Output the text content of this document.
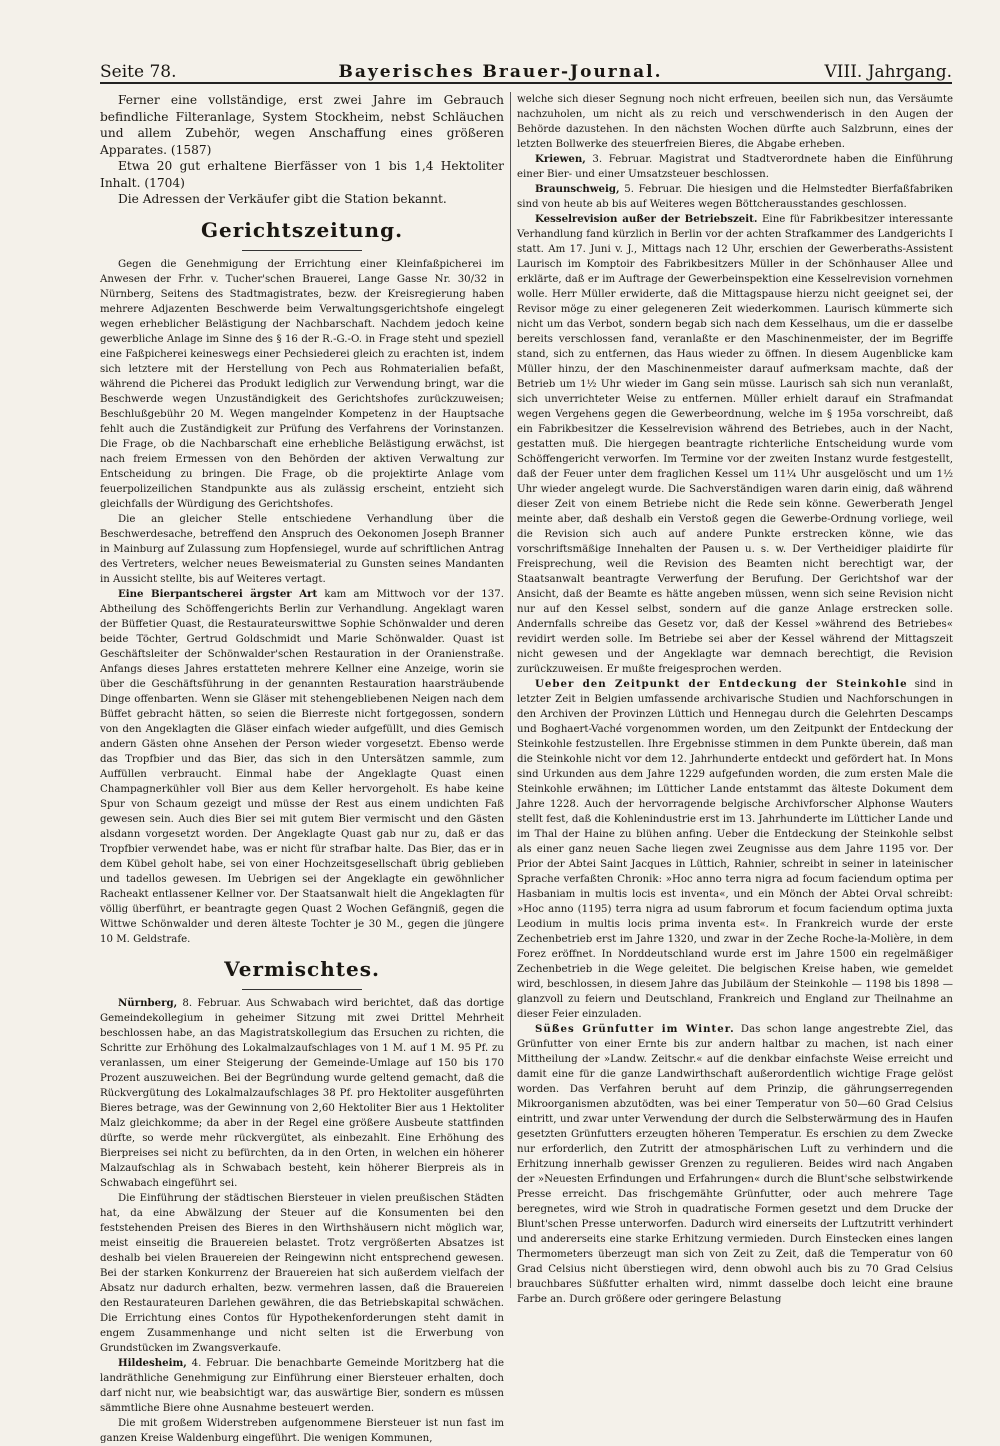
Seite 78.	Bayerisches Brauer-Journal.	VIII. Jahrgang.

Ferner eine vollständige, erst zwei Jahre im Gebrauch befindliche Filteranlage, System Stockheim, nebst Schläuchen und allem Zubehör, wegen Anschaffung eines größeren Apparates. (1587)

Etwa 20 gut erhaltene Bierfässer von 1 bis 1,4 Hektoliter Inhalt. (1704)

Die Adressen der Verkäufer gibt die Station bekannt.

Gerichtszeitung.

Gegen die Genehmigung der Errichtung einer Kleinfaßpicherei im Anwesen der Frhr. v. Tucher'schen Brauerei, Lange Gasse Nr. 30/32 in Nürnberg, Seitens des Stadtmagistrates, bezw. der Kreisregierung haben mehrere Adjazenten Beschwerde beim Verwaltungsgerichtshofe eingelegt wegen erheblicher Belästigung der Nachbarschaft. Nachdem jedoch keine gewerbliche Anlage im Sinne des § 16 der R.-G.-O. in Frage steht und speziell eine Faßpicherei keineswegs einer Pechsiederei gleich zu erachten ist, indem sich letztere mit der Herstellung von Pech aus Rohmaterialien befaßt, während die Picherei das Produkt lediglich zur Verwendung bringt, war die Beschwerde wegen Unzuständigkeit des Gerichtshofes zurückzuweisen; Beschlußgebühr 20 M. Wegen mangelnder Kompetenz in der Hauptsache fehlt auch die Zuständigkeit zur Prüfung des Verfahrens der Vorinstanzen. Die Frage, ob die Nachbarschaft eine erhebliche Belästigung erwächst, ist nach freiem Ermessen von den Behörden der aktiven Verwaltung zur Entscheidung zu bringen. Die Frage, ob die projektirte Anlage vom feuerpolizeilichen Standpunkte aus als zulässig erscheint, entzieht sich gleichfalls der Würdigung des Gerichtshofes.

Die an gleicher Stelle entschiedene Verhandlung über die Beschwerdesache, betreffend den Anspruch des Oekonomen Joseph Branner in Mainburg auf Zulassung zum Hopfensiegel, wurde auf schriftlichen Antrag des Vertreters, welcher neues Beweismaterial zu Gunsten seines Mandanten in Aussicht stellte, bis auf Weiteres vertagt.

Eine Bierpantscherei ärgster Art kam am Mittwoch vor der 137. Abtheilung des Schöffengerichts Berlin zur Verhandlung. Angeklagt waren der Büffetier Quast, die Restaurateurswittwe Sophie Schönwalder und deren beide Töchter, Gertrud Goldschmidt und Marie Schönwalder. Quast ist Geschäftsleiter der Schönwalder'schen Restauration in der Oranienstraße. Anfangs dieses Jahres erstatteten mehrere Kellner eine Anzeige, worin sie über die Geschäftsführung in der genannten Restauration haarsträubende Dinge offenbarten. Wenn sie Gläser mit stehengebliebenen Neigen nach dem Büffet gebracht hätten, so seien die Bierreste nicht fortgegossen, sondern von den Angeklagten die Gläser einfach wieder aufgefüllt, und dies Gemisch andern Gästen ohne Ansehen der Person wieder vorgesetzt. Ebenso werde das Tropfbier und das Bier, das sich in den Untersätzen sammle, zum Auffüllen verbraucht. Einmal habe der Angeklagte Quast einen Champagnerkühler voll Bier aus dem Keller hervorgeholt. Es habe keine Spur von Schaum gezeigt und müsse der Rest aus einem undichten Faß gewesen sein. Auch dies Bier sei mit gutem Bier vermischt und den Gästen alsdann vorgesetzt worden. Der Angeklagte Quast gab nur zu, daß er das Tropfbier verwendet habe, was er nicht für strafbar halte. Das Bier, das er in dem Kübel geholt habe, sei von einer Hochzeitsgesellschaft übrig geblieben und tadellos gewesen. Im Uebrigen sei der Angeklagte ein gewöhnlicher Racheakt entlassener Kellner vor. Der Staatsanwalt hielt die Angeklagten für völlig überführt, er beantragte gegen Quast 2 Wochen Gefängniß, gegen die Wittwe Schönwalder und deren älteste Tochter je 30 M., gegen die jüngere 10 M. Geldstrafe.

Vermischtes.

Nürnberg, 8. Februar. Aus Schwabach wird berichtet, daß das dortige Gemeindekollegium in geheimer Sitzung mit zwei Drittel Mehrheit beschlossen habe, an das Magistratskollegium das Ersuchen zu richten, die Schritte zur Erhöhung des Lokalmalzaufschlages von 1 M. auf 1 M. 95 Pf. zu veranlassen, um einer Steigerung der Gemeinde-Umlage auf 150 bis 170 Prozent auszuweichen. Bei der Begründung wurde geltend gemacht, daß die Rückvergütung des Lokalmalzaufschlages 38 Pf. pro Hektoliter ausgeführten Bieres betrage, was der Gewinnung von 2,60 Hektoliter Bier aus 1 Hektoliter Malz gleichkomme; da aber in der Regel eine größere Ausbeute stattfinden dürfte, so werde mehr rückvergütet, als einbezahlt. Eine Erhöhung des Bierpreises sei nicht zu befürchten, da in den Orten, in welchen ein höherer Malzaufschlag als in Schwabach besteht, kein höherer Bierpreis als in Schwabach eingeführt sei.

Die Einführung der städtischen Biersteuer in vielen preußischen Städten hat, da eine Abwälzung der Steuer auf die Konsumenten bei den feststehenden Preisen des Bieres in den Wirthshäusern nicht möglich war, meist einseitig die Brauereien belastet. Trotz vergrößerten Absatzes ist deshalb bei vielen Brauereien der Reingewinn nicht entsprechend gewesen. Bei der starken Konkurrenz der Brauereien hat sich außerdem vielfach der Absatz nur dadurch erhalten, bezw. vermehren lassen, daß die Brauereien den Restaurateuren Darlehen gewähren, die das Betriebskapital schwächen. Die Errichtung eines Contos für Hypothekenforderungen steht damit in engem Zusammenhange und nicht selten ist die Erwerbung von Grundstücken im Zwangsverkaufe.

Hildesheim, 4. Februar. Die benachbarte Gemeinde Moritzberg hat die landräthliche Genehmigung zur Einführung einer Biersteuer erhalten, doch darf nicht nur, wie beabsichtigt war, das auswärtige Bier, sondern es müssen sämmtliche Biere ohne Ausnahme besteuert werden.

Die mit großem Widerstreben aufgenommene Biersteuer ist nun fast im ganzen Kreise Waldenburg eingeführt. Die wenigen Kommunen,

welche sich dieser Segnung noch nicht erfreuen, beeilen sich nun, das Versäumte nachzuholen, um nicht als zu reich und verschwenderisch in den Augen der Behörde dazustehen. In den nächsten Wochen dürfte auch Salzbrunn, eines der letzten Bollwerke des steuerfreien Bieres, die Abgabe erheben.

Kriewen, 3. Februar. Magistrat und Stadtverordnete haben die Einführung einer Bier- und einer Umsatzsteuer beschlossen.

Braunschweig, 5. Februar. Die hiesigen und die Helmstedter Bierfaßfabriken sind von heute ab bis auf Weiteres wegen Böttcherausstandes geschlossen.

Kesselrevision außer der Betriebszeit. Eine für Fabrikbesitzer interessante Verhandlung fand kürzlich in Berlin vor der achten Strafkammer des Landgerichts I statt. Am 17. Juni v. J., Mittags nach 12 Uhr, erschien der Gewerberaths-Assistent Laurisch im Komptoir des Fabrikbesitzers Müller in der Schönhauser Allee und erklärte, daß er im Auftrage der Gewerbeinspektion eine Kesselrevision vornehmen wolle. Herr Müller erwiderte, daß die Mittagspause hierzu nicht geeignet sei, der Revisor möge zu einer gelegeneren Zeit wiederkommen. Laurisch kümmerte sich nicht um das Verbot, sondern begab sich nach dem Kesselhaus, um die er dasselbe bereits verschlossen fand, veranlaßte er den Maschinenmeister, der im Begriffe stand, sich zu entfernen, das Haus wieder zu öffnen. In diesem Augenblicke kam Müller hinzu, der den Maschinenmeister darauf aufmerksam machte, daß der Betrieb um 1½ Uhr wieder im Gang sein müsse. Laurisch sah sich nun veranlaßt, sich unverrichteter Weise zu entfernen. Müller erhielt darauf ein Strafmandat wegen Vergehens gegen die Gewerbeordnung, welche im § 195a vorschreibt, daß ein Fabrikbesitzer die Kesselrevision während des Betriebes, auch in der Nacht, gestatten muß. Die hiergegen beantragte richterliche Entscheidung wurde vom Schöffengericht verworfen. Im Termine vor der zweiten Instanz wurde festgestellt, daß der Feuer unter dem fraglichen Kessel um 11¼ Uhr ausgelöscht und um 1½ Uhr wieder angelegt wurde. Die Sachverständigen waren darin einig, daß während dieser Zeit von einem Betriebe nicht die Rede sein könne. Gewerberath Jengel meinte aber, daß deshalb ein Verstoß gegen die Gewerbe-Ordnung vorliege, weil die Revision sich auch auf andere Punkte erstrecken könne, wie das vorschriftsmäßige Innehalten der Pausen u. s. w. Der Vertheidiger plaidirte für Freisprechung, weil die Revision des Beamten nicht berechtigt war, der Staatsanwalt beantragte Verwerfung der Berufung. Der Gerichtshof war der Ansicht, daß der Beamte es hätte angeben müssen, wenn sich seine Revision nicht nur auf den Kessel selbst, sondern auf die ganze Anlage erstrecken solle. Andernfalls schreibe das Gesetz vor, daß der Kessel »während des Betriebes« revidirt werden solle. Im Betriebe sei aber der Kessel während der Mittagszeit nicht gewesen und der Angeklagte war demnach berechtigt, die Revision zurückzuweisen. Er mußte freigesprochen werden.

Ueber den Zeitpunkt der Entdeckung der Steinkohle sind in letzter Zeit in Belgien umfassende archivarische Studien und Nachforschungen in den Archiven der Provinzen Lüttich und Hennegau durch die Gelehrten Descamps und Boghaert-Vaché vorgenommen worden, um den Zeitpunkt der Entdeckung der Steinkohle festzustellen. Ihre Ergebnisse stimmen in dem Punkte überein, daß man die Steinkohle nicht vor dem 12. Jahrhunderte entdeckt und gefördert hat. In Mons sind Urkunden aus dem Jahre 1229 aufgefunden worden, die zum ersten Male die Steinkohle erwähnen; im Lütticher Lande entstammt das älteste Dokument dem Jahre 1228. Auch der hervorragende belgische Archivforscher Alphonse Wauters stellt fest, daß die Kohlenindustrie erst im 13. Jahrhunderte im Lütticher Lande und im Thal der Haine zu blühen anfing. Ueber die Entdeckung der Steinkohle selbst als einer ganz neuen Sache liegen zwei Zeugnisse aus dem Jahre 1195 vor. Der Prior der Abtei Saint Jacques in Lüttich, Rahnier, schreibt in seiner in lateinischer Sprache verfaßten Chronik: »Hoc anno terra nigra ad focum faciendum optima per Hasbaniam in multis locis est inventa«, und ein Mönch der Abtei Orval schreibt: »Hoc anno (1195) terra nigra ad usum fabrorum et focum faciendum optima juxta Leodium in multis locis prima inventa est«. In Frankreich wurde der erste Zechenbetrieb erst im Jahre 1320, und zwar in der Zeche Roche-la-Molière, in dem Forez eröffnet. In Norddeutschland wurde erst im Jahre 1500 ein regelmäßiger Zechenbetrieb in die Wege geleitet. Die belgischen Kreise haben, wie gemeldet wird, beschlossen, in diesem Jahre das Jubiläum der Steinkohle — 1198 bis 1898 — glanzvoll zu feiern und Deutschland, Frankreich und England zur Theilnahme an dieser Feier einzuladen.

Süßes Grünfutter im Winter. Das schon lange angestrebte Ziel, das Grünfutter von einer Ernte bis zur andern haltbar zu machen, ist nach einer Mittheilung der »Landw. Zeitschr.« auf die denkbar einfachste Weise erreicht und damit eine für die ganze Landwirthschaft außerordentlich wichtige Frage gelöst worden. Das Verfahren beruht auf dem Prinzip, die gährungserregenden Mikroorganismen abzutödten, was bei einer Temperatur von 50—60 Grad Celsius eintritt, und zwar unter Verwendung der durch die Selbsterwärmung des in Haufen gesetzten Grünfutters erzeugten höheren Temperatur. Es erschien zu dem Zwecke nur erforderlich, den Zutritt der atmosphärischen Luft zu verhindern und die Erhitzung innerhalb gewisser Grenzen zu regulieren. Beides wird nach Angaben der »Neuesten Erfindungen und Erfahrungen« durch die Blunt'sche selbstwirkende Presse erreicht. Das frischgemähte Grünfutter, oder auch mehrere Tage beregnetes, wird wie Stroh in quadratische Formen gesetzt und dem Drucke der Blunt'schen Presse unterworfen. Dadurch wird einerseits der Luftzutritt verhindert und andererseits eine starke Erhitzung vermieden. Durch Einstecken eines langen Thermometers überzeugt man sich von Zeit zu Zeit, daß die Temperatur von 60 Grad Celsius nicht überstiegen wird, denn obwohl auch bis zu 70 Grad Celsius brauchbares Süßfutter erhalten wird, nimmt dasselbe doch leicht eine braune Farbe an. Durch größere oder geringere Belastung
